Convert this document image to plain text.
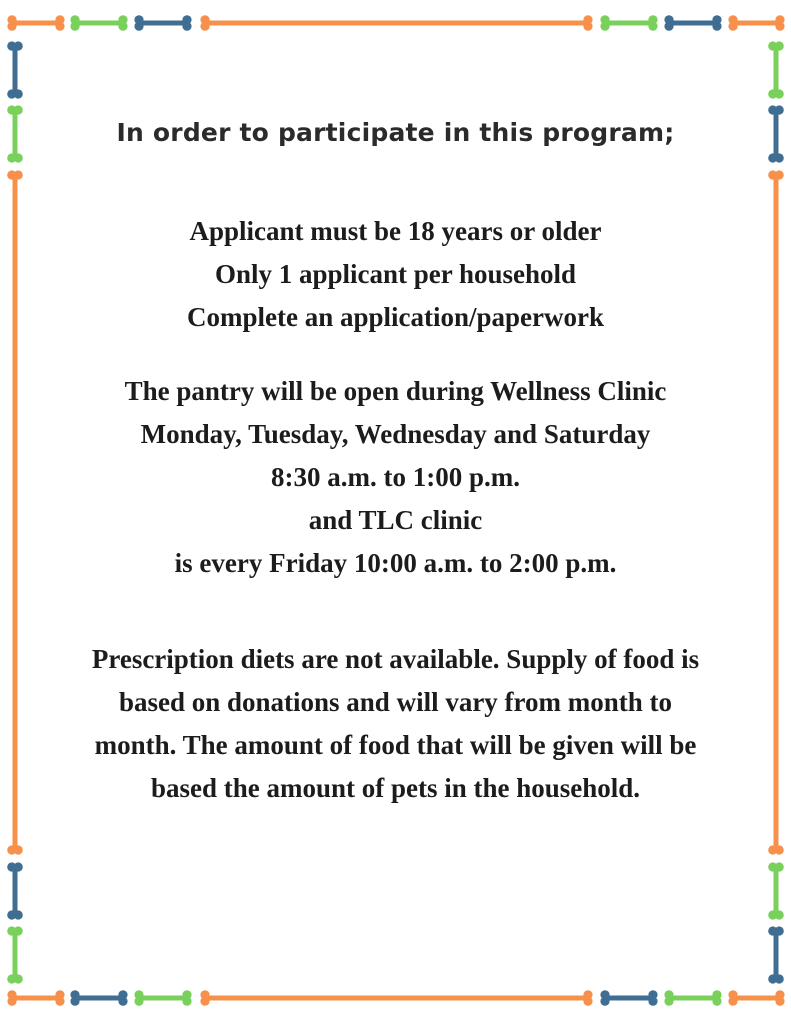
In order to participate in this program;
Applicant must be 18 years or older
Only 1 applicant per household
Complete an application/paperwork
The pantry will be open during Wellness Clinic
Monday, Tuesday, Wednesday and Saturday
8:30 a.m. to 1:00 p.m.
and TLC clinic
is every Friday 10:00 a.m. to 2:00 p.m.
Prescription diets are not available. Supply of food is
based on donations and will vary from month to
month. The amount of food that will be given will be
based the amount of pets in the household.
